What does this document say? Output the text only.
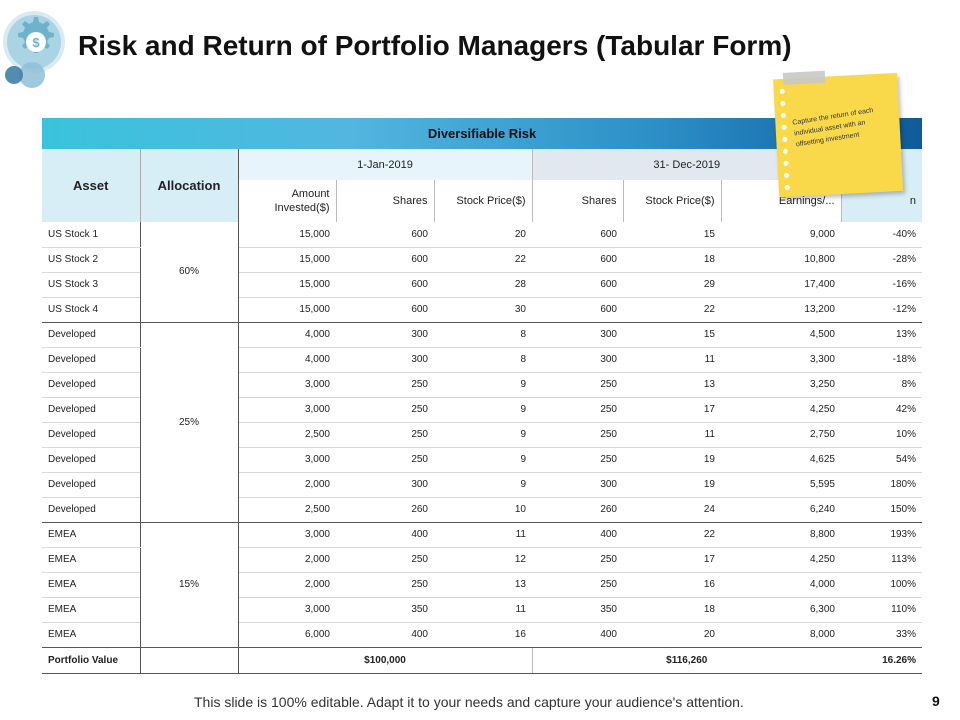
$ Risk and Return of Portfolio Managers (Tabular Form)
Diversifiable Risk								
Asset	Allocation	1-Jan-2019			31- Dec-2019			
		Amount Invested($)	Shares	Stock Price($)	Shares	Stock Price($)	Earnings/...	n
US Stock 1	60%	15,000	600	20	600	15	9,000	-40%
US Stock 2		15,000	600	22	600	18	10,800	-28%
US Stock 3		15,000	600	28	600	29	17,400	-16%
US Stock 4		15,000	600	30	600	22	13,200	-12%
Developed	25%	4,000	300	8	300	15	4,500	13%
Developed		4,000	300	8	300	11	3,300	-18%
Developed		3,000	250	9	250	13	3,250	8%
Developed		3,000	250	9	250	17	4,250	42%
Developed		2,500	250	9	250	11	2,750	10%
Developed		3,000	250	9	250	19	4,625	54%
Developed		2,000	300	9	300	19	5,595	180%
Developed		2,500	260	10	260	24	6,240	150%
EMEA	15%	3,000	400	11	400	22	8,800	193%
EMEA		2,000	250	12	250	17	4,250	113%
EMEA		2,000	250	13	250	16	4,000	100%
EMEA		3,000	350	11	350	18	6,300	110%
EMEA		6,000	400	16	400	20	8,000	33%
Portfolio Value		$100,000			$116,260			16.26%
Capture the return of each individual asset with an offsetting investment
This slide is 100% editable. Adapt it to your needs and capture your audience's attention.	9
